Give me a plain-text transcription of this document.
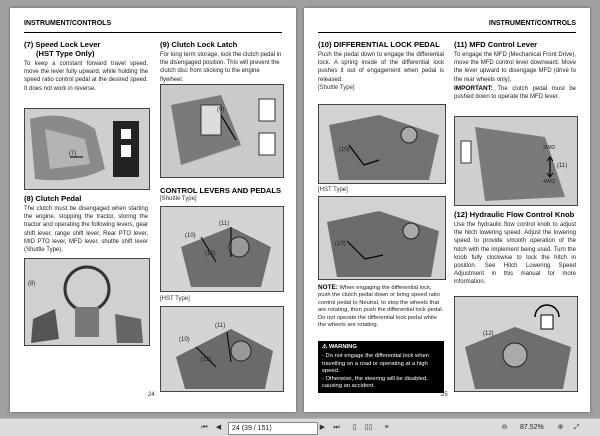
INSTRUMENT/CONTROLS
(7) Speed Lock Lever
(HST Type Only)
To keep a constant forward travel speed, move the lever fully upward, while holding the speed ratio control pedal at the desired speed. It does not work in reverse.
(7)
(8) Clutch Pedal
The clutch must be disengaged when starting the engine, stopping the tractor, storing the tractor and operating the following levers, gear shift lever, range shift lever, Rear PTO lever, MID PTO lever, MFD lever, shuttle shift lever (Shuttle Type).
(8)
(9) Clutch Lock Latch
For long term storage, lock the clutch pedal in the disengaged position. This will prevent the clutch disc from sticking to the engine flywheel.
(9)
CONTROL LEVERS AND PEDALS
[Shuttle Type]
(10)
(11)
(12)
[HST Type]
(10)
(11)
(12)
24
INSTRUMENT/CONTROLS
(10) DIFFERENTIAL LOCK PEDAL
Push the pedal down to engage the differential lock. A spring inside of the differential lock pushes it out of engagement when pedal is released.
[Shuttle Type]
(10)
[HST Type]
(10)
NOTE: When engaging the differential lock, push the clutch pedal down or bring speed ratio control pedal to Neutral, to stop the wheels that are rotating, then push the differential lock pedal. Do not operate the differential lock pedal while the wheels are rotating.
⚠ WARNING
- Do not engage the differential lock when travelling on a road or operating at a high speed.
- Otherwise, the steering will be disabled, causing an accident.
(11) MFD Control Lever
To engage the MFD (Mechanical Front Drive), move the MFD control lever downward. Move the lever upward to disengage MFD (drive to the rear wheels only).
IMPORTANT: The clutch pedal must be pushed down to operate the MFD lever.
2WD
4WD
(11)
(12) Hydraulic Flow Control Knob
Use the hydraulic flow control knob to adjust the hitch lowering speed. Adjust the lowering speed to provide smooth operation of the hitch with the implement being used. Turn the knob fully clockwise to lock the hitch in position. See Hitch Lowering Speed Adjustment in this manual for more information.
(12)
25
⏮ ◀	24 (39 / 151)	▶ ⏭	▯	▯▯	≡	⊖ 87.52% ⊕ ⤢
